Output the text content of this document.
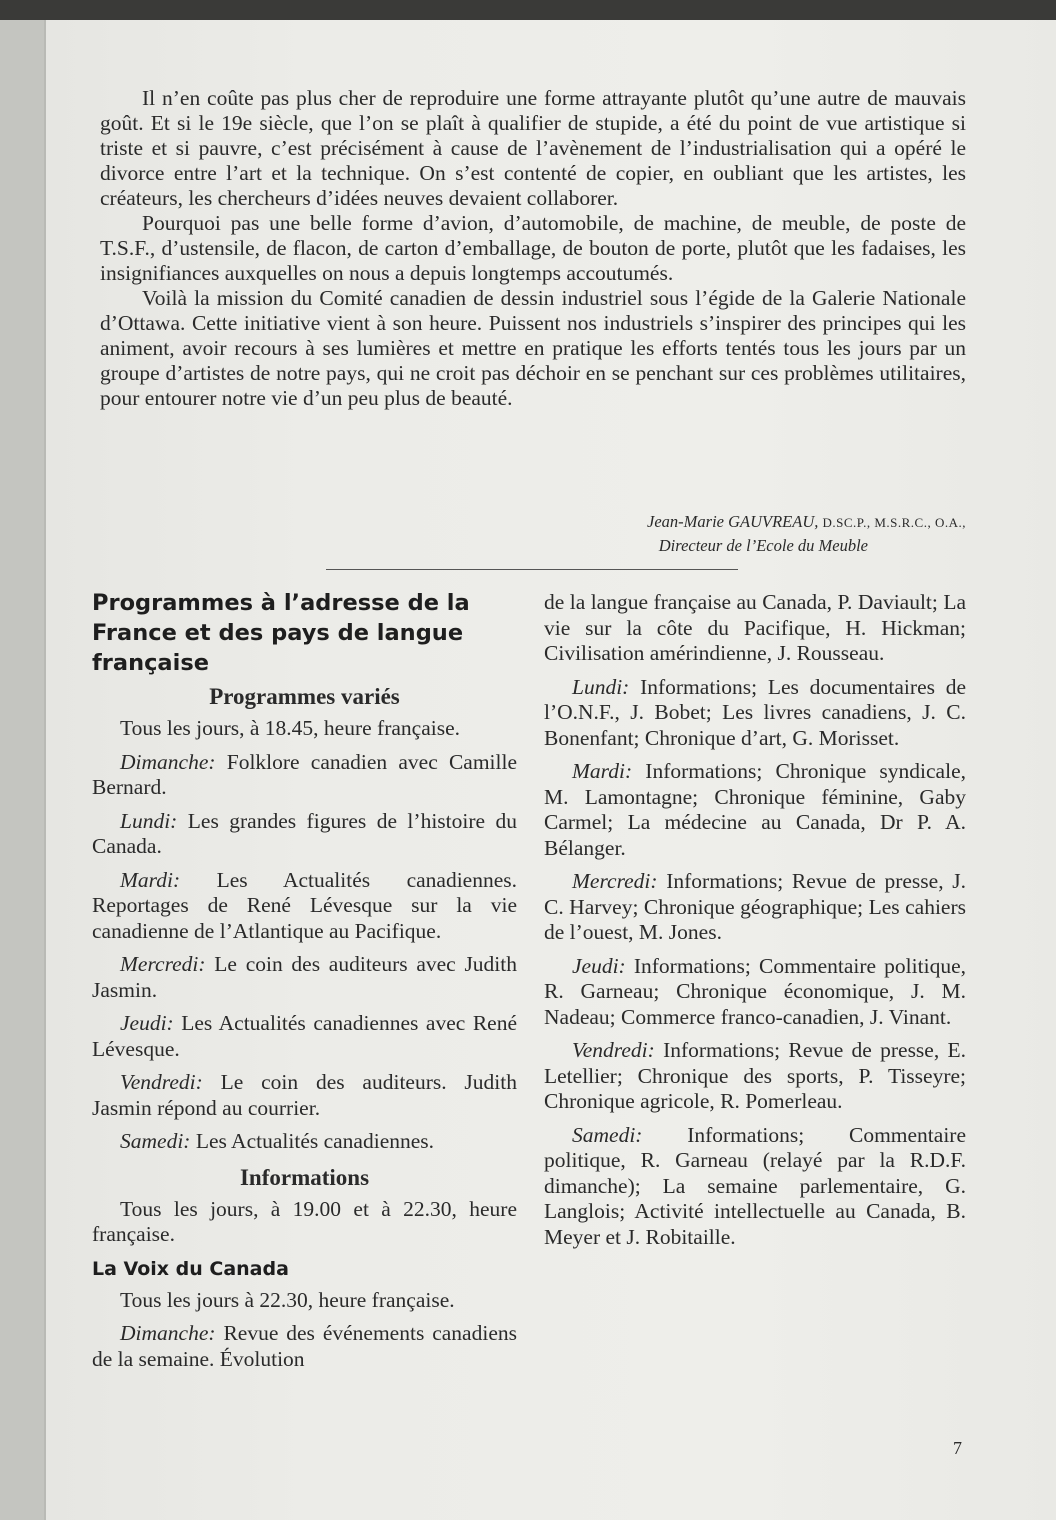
Il n’en coûte pas plus cher de reproduire une forme attrayante plutôt qu’une autre de mauvais goût. Et si le 19e siècle, que l’on se plaît à qualifier de stupide, a été du point de vue artistique si triste et si pauvre, c’est précisément à cause de l’avènement de l’industrialisation qui a opéré le divorce entre l’art et la technique. On s’est contenté de copier, en oubliant que les artistes, les créateurs, les chercheurs d’idées neuves devaient collaborer.

Pourquoi pas une belle forme d’avion, d’automobile, de machine, de meuble, de poste de T.S.F., d’ustensile, de flacon, de carton d’emballage, de bouton de porte, plutôt que les fadaises, les insignifiances auxquelles on nous a depuis longtemps accoutumés.

Voilà la mission du Comité canadien de dessin industriel sous l’égide de la Galerie Nationale d’Ottawa. Cette initiative vient à son heure. Puissent nos industriels s’inspirer des principes qui les animent, avoir recours à ses lumières et mettre en pratique les efforts tentés tous les jours par un groupe d’artistes de notre pays, qui ne croit pas déchoir en se penchant sur ces problèmes utilitaires, pour entourer notre vie d’un peu plus de beauté.

Jean-Marie GAUVREAU, D.SC.P., M.S.R.C., O.A.,
Directeur de l’Ecole du Meuble
Programmes à l’adresse de la France et des pays de langue française
Programmes variés

Tous les jours, à 18.45, heure française.

Dimanche: Folklore canadien avec Camille Bernard.

Lundi: Les grandes figures de l’histoire du Canada.

Mardi: Les Actualités canadiennes. Reportages de René Lévesque sur la vie canadienne de l’Atlantique au Pacifique.

Mercredi: Le coin des auditeurs avec Judith Jasmin.

Jeudi: Les Actualités canadiennes avec René Lévesque.

Vendredi: Le coin des auditeurs. Judith Jasmin répond au courrier.

Samedi: Les Actualités canadiennes.

Informations

Tous les jours, à 19.00 et à 22.30, heure française.

La Voix du Canada

Tous les jours à 22.30, heure française.

Dimanche: Revue des événements canadiens de la semaine. Évolution

de la langue française au Canada, P. Daviault; La vie sur la côte du Pacifique, H. Hickman; Civilisation amérindienne, J. Rousseau.

Lundi: Informations; Les documentaires de l’O.N.F., J. Bobet; Les livres canadiens, J. C. Bonenfant; Chronique d’art, G. Morisset.

Mardi: Informations; Chronique syndicale, M. Lamontagne; Chronique féminine, Gaby Carmel; La médecine au Canada, Dr P. A. Bélanger.

Mercredi: Informations; Revue de presse, J. C. Harvey; Chronique géographique; Les cahiers de l’ouest, M. Jones.

Jeudi: Informations; Commentaire politique, R. Garneau; Chronique économique, J. M. Nadeau; Commerce franco-canadien, J. Vinant.

Vendredi: Informations; Revue de presse, E. Letellier; Chronique des sports, P. Tisseyre; Chronique agricole, R. Pomerleau.

Samedi: Informations; Commentaire politique, R. Garneau (relayé par la R.D.F. dimanche); La semaine parlementaire, G. Langlois; Activité intellectuelle au Canada, B. Meyer et J. Robitaille.

7
